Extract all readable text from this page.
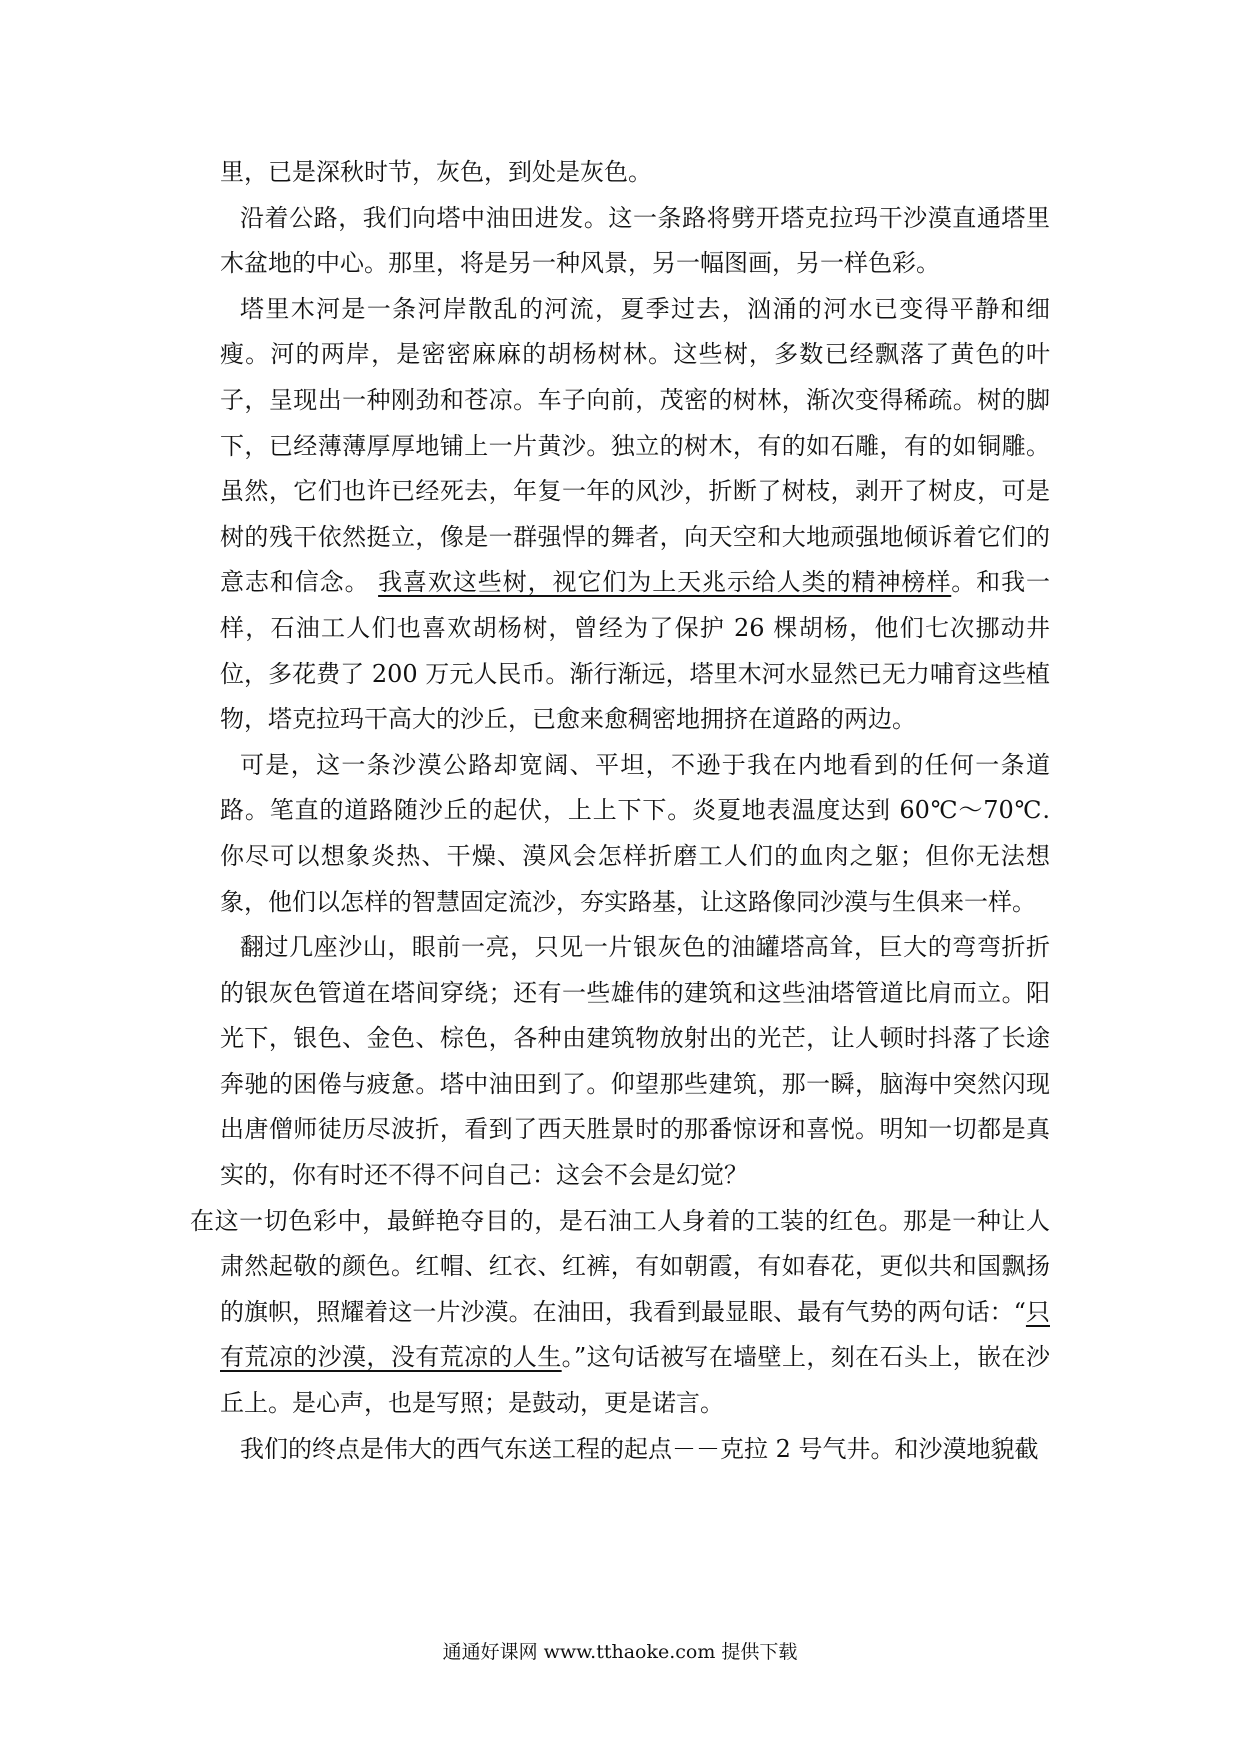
里，已是深秋时节，灰色，到处是灰色。

沿着公路，我们向塔中油田进发。这一条路将劈开塔克拉玛干沙漠直通塔里木盆地的中心。那里，将是另一种风景，另一幅图画，另一样色彩。

塔里木河是一条河岸散乱的河流，夏季过去，汹涌的河水已变得平静和细瘦。河的两岸，是密密麻麻的胡杨树林。这些树，多数已经飘落了黄色的叶子，呈现出一种刚劲和苍凉。车子向前，茂密的树林，渐次变得稀疏。树的脚下，已经薄薄厚厚地铺上一片黄沙。独立的树木，有的如石雕，有的如铜雕。虽然，它们也许已经死去，年复一年的风沙，折断了树枝，剥开了树皮，可是树的残干依然挺立，像是一群强悍的舞者，向天空和大地顽强地倾诉着它们的意志和信念。 我喜欢这些树，视它们为上天兆示给人类的精神榜样。和我一样，石油工人们也喜欢胡杨树，曾经为了保护 26 棵胡杨，他们七次挪动井位，多花费了 200 万元人民币。渐行渐远，塔里木河水显然已无力哺育这些植物，塔克拉玛干高大的沙丘，已愈来愈稠密地拥挤在道路的两边。

可是，这一条沙漠公路却宽阔、平坦，不逊于我在内地看到的任何一条道路。笔直的道路随沙丘的起伏，上上下下。炎夏地表温度达到 60℃～70℃. 你尽可以想象炎热、干燥、漠风会怎样折磨工人们的血肉之躯；但你无法想象，他们以怎样的智慧固定流沙，夯实路基，让这路像同沙漠与生俱来一样。

翻过几座沙山，眼前一亮，只见一片银灰色的油罐塔高耸，巨大的弯弯折折的银灰色管道在塔间穿绕；还有一些雄伟的建筑和这些油塔管道比肩而立。阳光下，银色、金色、棕色，各种由建筑物放射出的光芒，让人顿时抖落了长途奔驰的困倦与疲惫。塔中油田到了。仰望那些建筑，那一瞬，脑海中突然闪现出唐僧师徒历尽波折，看到了西天胜景时的那番惊讶和喜悦。明知一切都是真实的，你有时还不得不问自己：这会不会是幻觉？

在这一切色彩中，最鲜艳夺目的，是石油工人身着的工装的红色。那是一种让人肃然起敬的颜色。红帽、红衣、红裤，有如朝霞，有如春花，更似共和国飘扬的旗帜，照耀着这一片沙漠。在油田，我看到最显眼、最有气势的两句话：“只有荒凉的沙漠，没有荒凉的人生。”这句话被写在墙壁上，刻在石头上，嵌在沙丘上。是心声，也是写照；是鼓动，更是诺言。

我们的终点是伟大的西气东送工程的起点－－克拉 2 号气井。和沙漠地貌截

通通好课网 www.tthaoke.com 提供下载
